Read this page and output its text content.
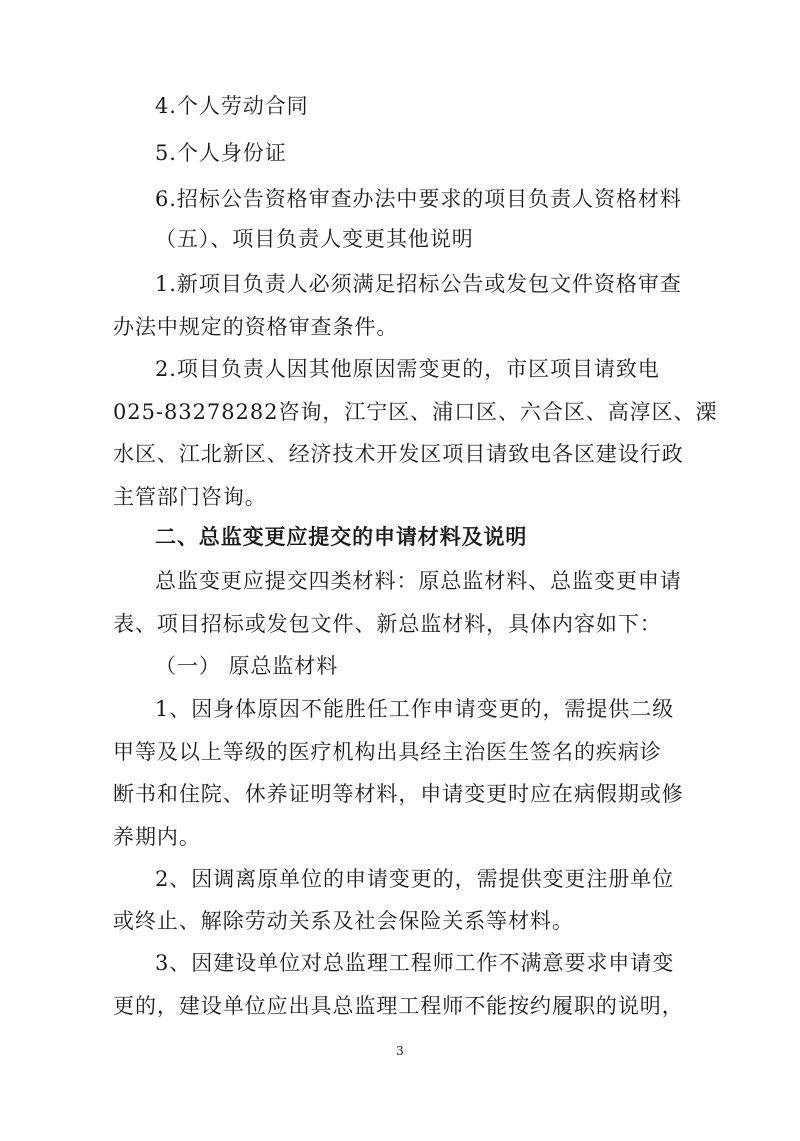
4.个人劳动合同
5.个人身份证
6.招标公告资格审查办法中要求的项目负责人资格材料
（五）、项目负责人变更其他说明
1.新项目负责人必须满足招标公告或发包文件资格审查
办法中规定的资格审查条件。
2.项目负责人因其他原因需变更的，市区项目请致电
025-83278282咨询，江宁区、浦口区、六合区、高淳区、溧
水区、江北新区、经济技术开发区项目请致电各区建设行政
主管部门咨询。
二、总监变更应提交的申请材料及说明
总监变更应提交四类材料：原总监材料、总监变更申请
表、项目招标或发包文件、新总监材料，具体内容如下：
（一） 原总监材料
1、因身体原因不能胜任工作申请变更的，需提供二级
甲等及以上等级的医疗机构出具经主治医生签名的疾病诊
断书和住院、休养证明等材料，申请变更时应在病假期或修
养期内。
2、因调离原单位的申请变更的，需提供变更注册单位
或终止、解除劳动关系及社会保险关系等材料。
3、因建设单位对总监理工程师工作不满意要求申请变
更的，建设单位应出具总监理工程师不能按约履职的说明，
3
